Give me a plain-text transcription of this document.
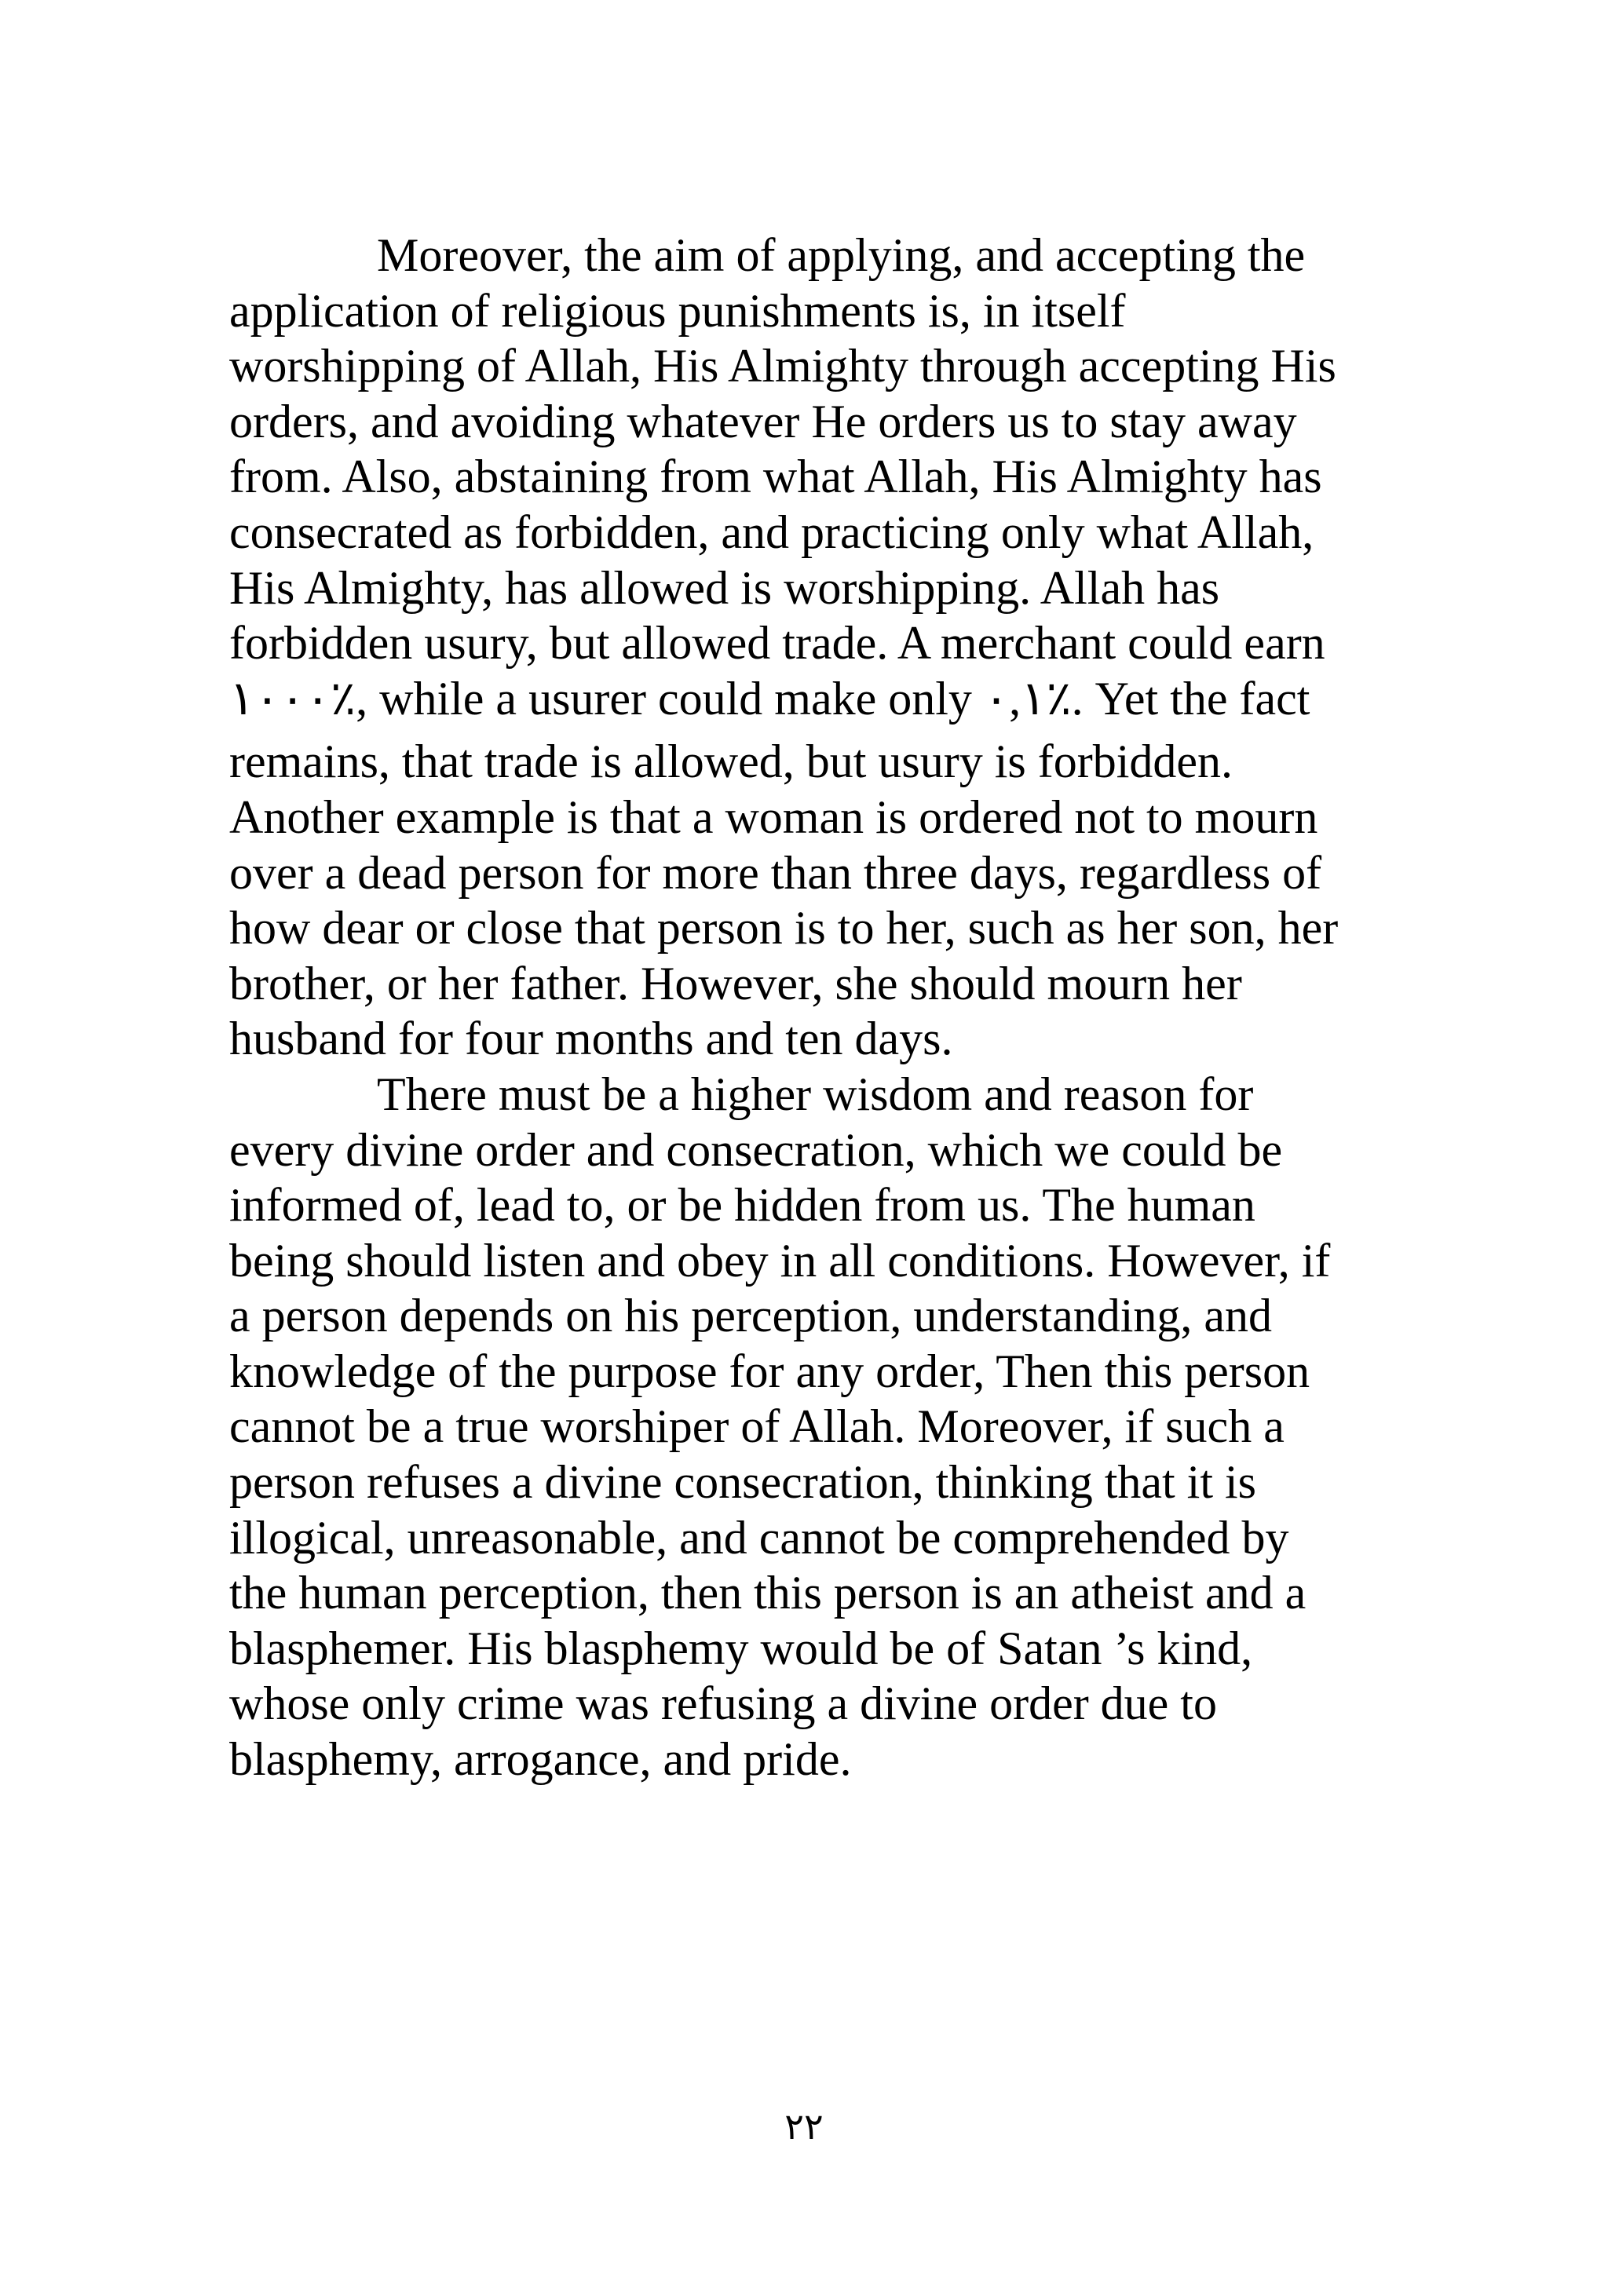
Moreover, the aim of applying, and accepting the
application of religious punishments is, in itself
worshipping of Allah, His Almighty through accepting His
orders, and avoiding whatever He orders us to stay away
from. Also, abstaining from what Allah, His Almighty has
consecrated as forbidden, and practicing only what Allah,
His Almighty, has allowed is worshipping. Allah has
forbidden usury, but allowed trade. A merchant could earn
١٠٠٠٪, while a usurer could make only ٠,١٪. Yet the fact
remains, that trade is allowed, but usury is forbidden.
Another example is that a woman is ordered not to mourn
over a dead person for more than three days, regardless of
how dear or close that person is to her, such as her son, her
brother, or her father. However, she should mourn her
husband for four months and ten days.
There must be a higher wisdom and reason for
every divine order and consecration, which we could be
informed of, lead to, or be hidden from us. The human
being should listen and obey in all conditions. However, if
a person depends on his perception, understanding, and
knowledge of the purpose for any order, Then this person
cannot be a true worshiper of Allah. Moreover, if such a
person refuses a divine consecration, thinking that it is
illogical, unreasonable, and cannot be comprehended by
the human perception, then this person is an atheist and a
blasphemer. His blasphemy would be of Satan ’s kind,
whose only crime was refusing a divine order due to
blasphemy, arrogance, and pride.
٢٢
